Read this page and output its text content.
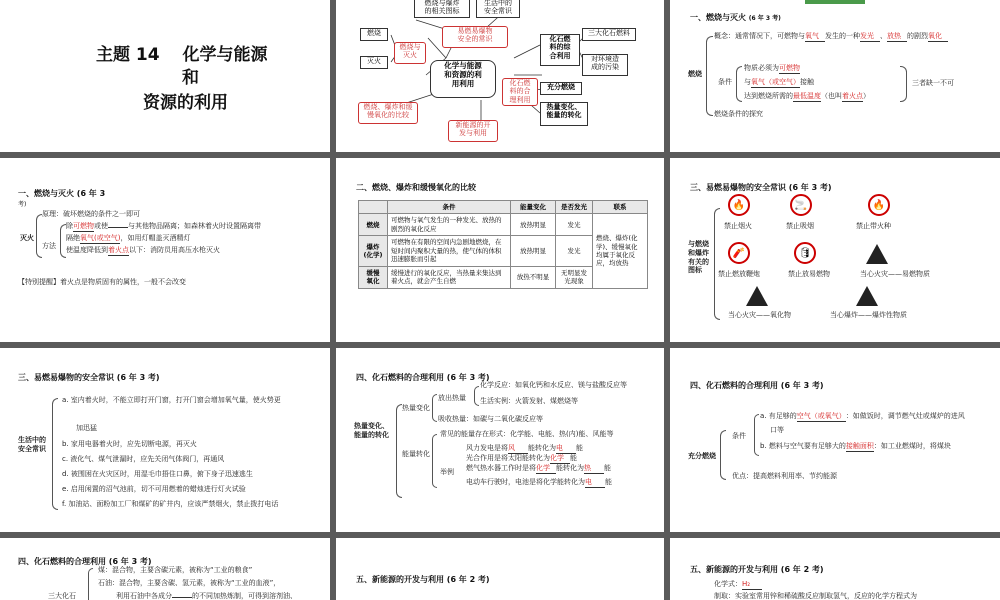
主题 14　 化学与能源
和
资源的利用
燃烧与爆炸
的相关图标
生活中的
安全常识
易燃易爆物
安全的常识
燃烧
灭火
燃烧与
灭火
化学与能源
和资源的利
用利用
化石燃
料的综
合利用
三大化石燃料
对环境造
成的污染
化石燃
料的合
理利用
充分燃烧
热量变化、
能量的转化
燃烧、爆炸和缓
慢氧化的比较
新能源的开
发与利用
一、燃烧与灭火 (6 年 3 考)
概念：通常情况下，可燃物与氧气 发生的一种发光 、放热 的剧烈氧化
燃烧
条件
物质必须为可燃物
与氧气（或空气）接触
达到燃烧所需的最低温度（也叫着火点）
三者缺一不可
燃烧条件的探究
一、燃烧与灭火 (6 年 3
考)
灭火
原理：破坏燃烧的条件之一即可
方法
除可燃物或使	与其他物品隔离；如森林着火时设置隔离带
隔绝氧气(或空气)，如用灯帽盖灭酒精灯
使温度降低到着火点以下：消防员用高压水枪灭火
【特别提醒】着火点是物质固有的属性，一般不会改变
二、燃烧、爆炸和缓慢氧化的比较
	条件	能量变化	是否发光	联系
燃烧	可燃物与氧气发生的一种发光、放热的剧烈的氧化反应	放热明显	发光	燃烧、爆炸(化学)、缓慢氧化均属于氧化反应，均放热
爆炸
(化学)	可燃物在有限的空间内急剧地燃烧，在短时间内聚积大量的热，使气体的体积迅速膨胀而引起	放热明显	发光	
缓慢
氧化	缓慢进行的氧化反应，当热量来集达到着火点，就会产生自燃	放热不明显	无明显发光现象	
三、易燃易爆物的安全常识 (6 年 3 考)
与燃烧
和爆炸
有关的
图标
🔥	🚬	🔥
禁止烟火	禁止吸烟	禁止带火种
🧨	🛢
禁止燃放鞭炮	禁止放易燃物	当心火灾——易燃物质
当心火灾——氧化物	当心爆炸——爆炸性物质
三、易燃易爆物的安全常识 (6 年 3 考)
生活中的
安全常识
a. 室内着火时，不能立即打开门窗，打开门窗会增加氧气量，使火势更
加迅猛
b. 家用电器着火时，应先切断电源，再灭火
c. 液化气、煤气泄漏时，应先关闭气体阀门，再通风
d. 被围困在火灾区时，用湿毛巾捂住口鼻，俯下身子迅速逃生
e. 启用闲置的沼气池前，切不可用燃着的蜡烛进行灯火试验
f. 加油站、面粉加工厂和煤矿的矿井内，应该严禁烟火，禁止拨打电话
四、化石燃料的合理利用 (6 年 3 考)
热量变化、
能量的转化
热量变化
放出热量
化学反应：如氧化钙和水反应、镁与盐酸反应等
生活实例：火箭发射、煤燃烧等
吸收热量：如碳与二氧化碳反应等
能量转化
常见的能量存在形式：化学能、电能、热(内)能、风能等
举例
风力发电是将风 能转化为电 能
光合作用是将太阳能转化为化学 能
燃气热水器工作时是将化学 能转化为热 能
电动车行驶时，电池是将化学能转化为电 能
四、化石燃料的合理利用 (6 年 3 考)
充分燃烧
条件
a. 有足够的空气（或氧气）：如做饭时，调节燃气灶或煤炉的进风
口等
b. 燃料与空气要有足够大的接触面积：如工业燃煤时，将煤块
优点：提高燃料利用率、节约能源
四、化石燃料的合理利用 (6 年 3 考)
三大化石
煤：混合物，主要含碳元素，被称为“工业的粮食”
石油：混合物，主要含碳、氢元素，被称为“工业的血液”，
利用石油中各成分	的不同加热炼制，可得到溶剂油、
五、新能源的开发与利用 (6 年 2 考)
五、新能源的开发与利用 (6 年 2 考)
化学式：H₂
制取：实验室常用锌和稀硫酸反应制取氢气，反应的化学方程式为
